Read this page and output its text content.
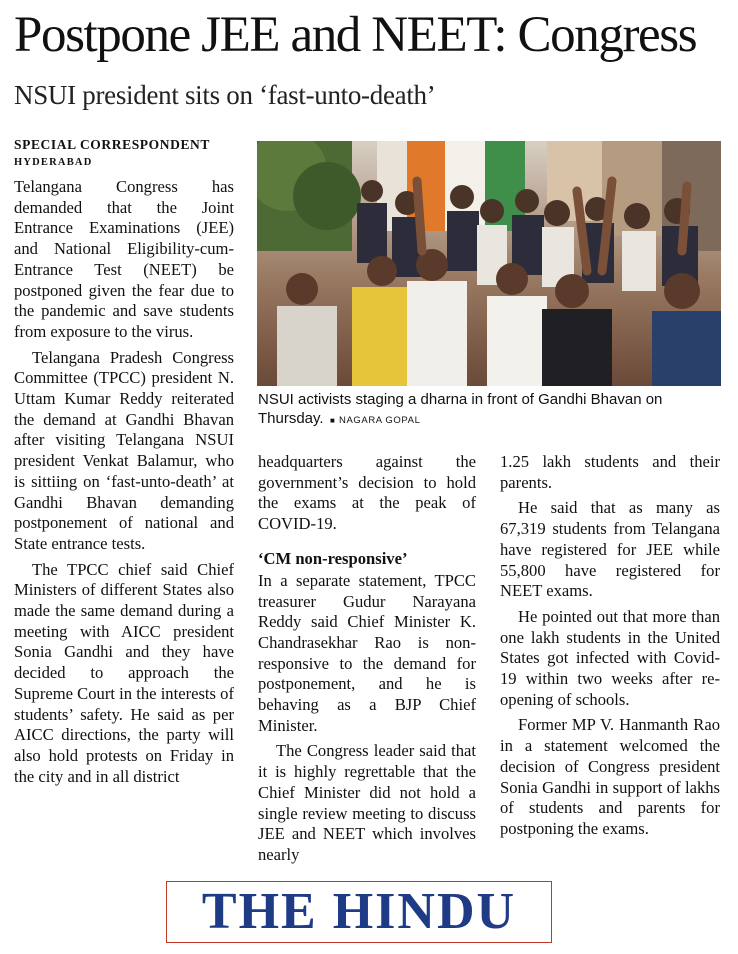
Postpone JEE and NEET: Congress
NSUI president sits on ‘fast-unto-death’
SPECIAL CORRESPONDENT
HYDERABAD

Telangana Congress has demanded that the Joint Entrance Examinations (JEE) and National Eligibility-cum-Entrance Test (NEET) be postponed given the fear due to the pandemic and save students from exposure to the virus.

Telangana Pradesh Congress Committee (TPCC) president N. Uttam Kumar Reddy reiterated the demand at Gandhi Bhavan after visiting Telangana NSUI president Venkat Balamur, who is sittiing on ‘fast-unto-death’ at Gandhi Bhavan demanding postponement of national and State entrance tests.

The TPCC chief said Chief Ministers of different States also made the same demand during a meeting with AICC president Sonia Gandhi and they have decided to approach the Supreme Court in the interests of students’ safety. He said as per AICC directions, the party will also hold protests on Friday in the city and in all district

NSUI activists staging a dharna in front of Gandhi Bhavan on Thursday.  ■ NAGARA GOPAL

headquarters against the government’s decision to hold the exams at the peak of COVID-19.

‘CM non-responsive’

In a separate statement, TPCC treasurer Gudur Narayana Reddy said Chief Minister K. Chandrasekhar Rao is non-responsive to the demand for postponement, and he is behaving as a BJP Chief Minister.

The Congress leader said that it is highly regrettable that the Chief Minister did not hold a single review meeting to discuss JEE and NEET which involves nearly

1.25 lakh students and their parents.

He said that as many as 67,319 students from Telangana have registered for JEE while 55,800 have registered for NEET exams.

He pointed out that more than one lakh students in the United States got infected with Covid-19 within two weeks after re-opening of schools.

Former MP V. Hanmanth Rao in a statement welcomed the decision of Congress president Sonia Gandhi in support of lakhs of students and parents for postponing the exams.

THE HINDU
